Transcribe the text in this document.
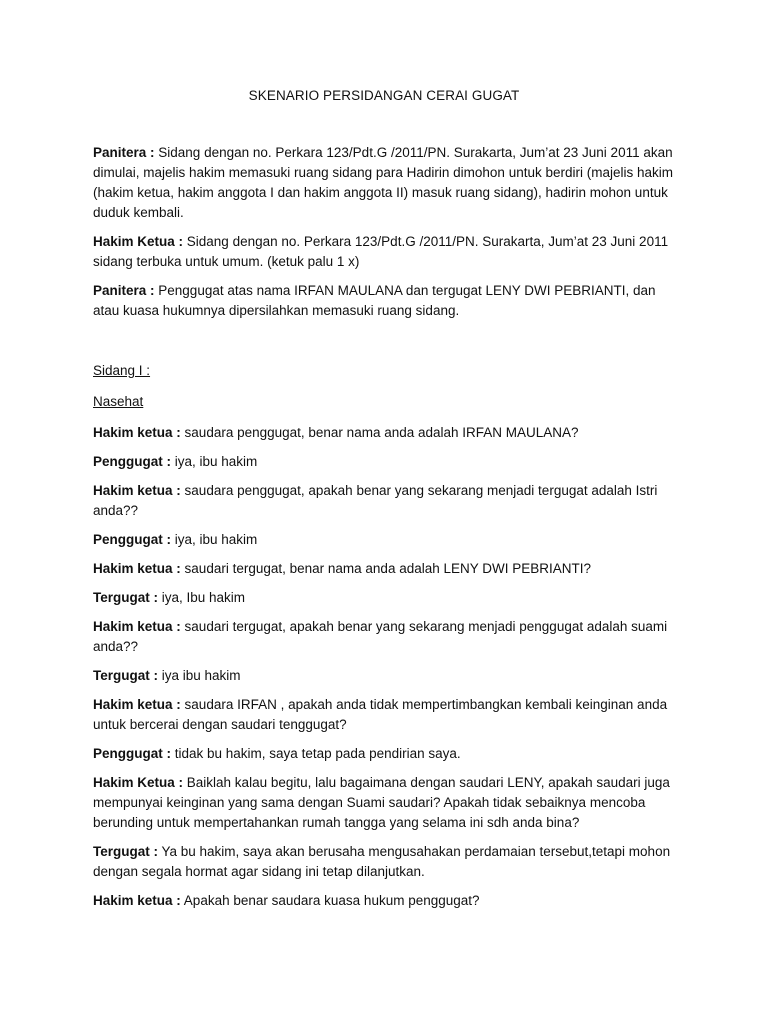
SKENARIO PERSIDANGAN CERAI GUGAT

Panitera : Sidang dengan no. Perkara 123/Pdt.G /2011/PN. Surakarta, Jum’at 23 Juni 2011 akan dimulai, majelis hakim memasuki ruang sidang para Hadirin dimohon untuk berdiri (majelis hakim (hakim ketua, hakim anggota I dan hakim anggota II) masuk ruang sidang), hadirin mohon untuk duduk kembali.

Hakim Ketua : Sidang dengan no. Perkara 123/Pdt.G /2011/PN. Surakarta, Jum’at 23 Juni 2011 sidang terbuka untuk umum. (ketuk palu 1 x)

Panitera : Penggugat atas nama IRFAN MAULANA dan tergugat LENY DWI PEBRIANTI, dan atau kuasa hukumnya dipersilahkan memasuki ruang sidang.

Sidang I :

Nasehat

Hakim ketua : saudara penggugat, benar nama anda adalah IRFAN MAULANA?

Penggugat : iya, ibu hakim

Hakim ketua : saudara penggugat, apakah benar yang sekarang menjadi tergugat adalah Istri anda??

Penggugat : iya, ibu hakim

Hakim ketua : saudari tergugat, benar nama anda adalah LENY DWI PEBRIANTI?

Tergugat : iya, Ibu hakim

Hakim ketua : saudari tergugat, apakah benar yang sekarang menjadi penggugat adalah suami anda??

Tergugat : iya ibu hakim

Hakim ketua : saudara IRFAN , apakah anda tidak mempertimbangkan kembali keinginan anda untuk bercerai dengan saudari tenggugat?

Penggugat : tidak bu hakim, saya tetap pada pendirian saya.

Hakim Ketua : Baiklah kalau begitu, lalu bagaimana dengan saudari LENY, apakah saudari juga mempunyai keinginan yang sama dengan Suami saudari? Apakah tidak sebaiknya mencoba berunding untuk mempertahankan rumah tangga yang selama ini sdh anda bina?

Tergugat : Ya bu hakim, saya akan berusaha mengusahakan perdamaian tersebut,tetapi mohon dengan segala hormat agar sidang ini tetap dilanjutkan.

Hakim ketua : Apakah benar saudara kuasa hukum penggugat?
